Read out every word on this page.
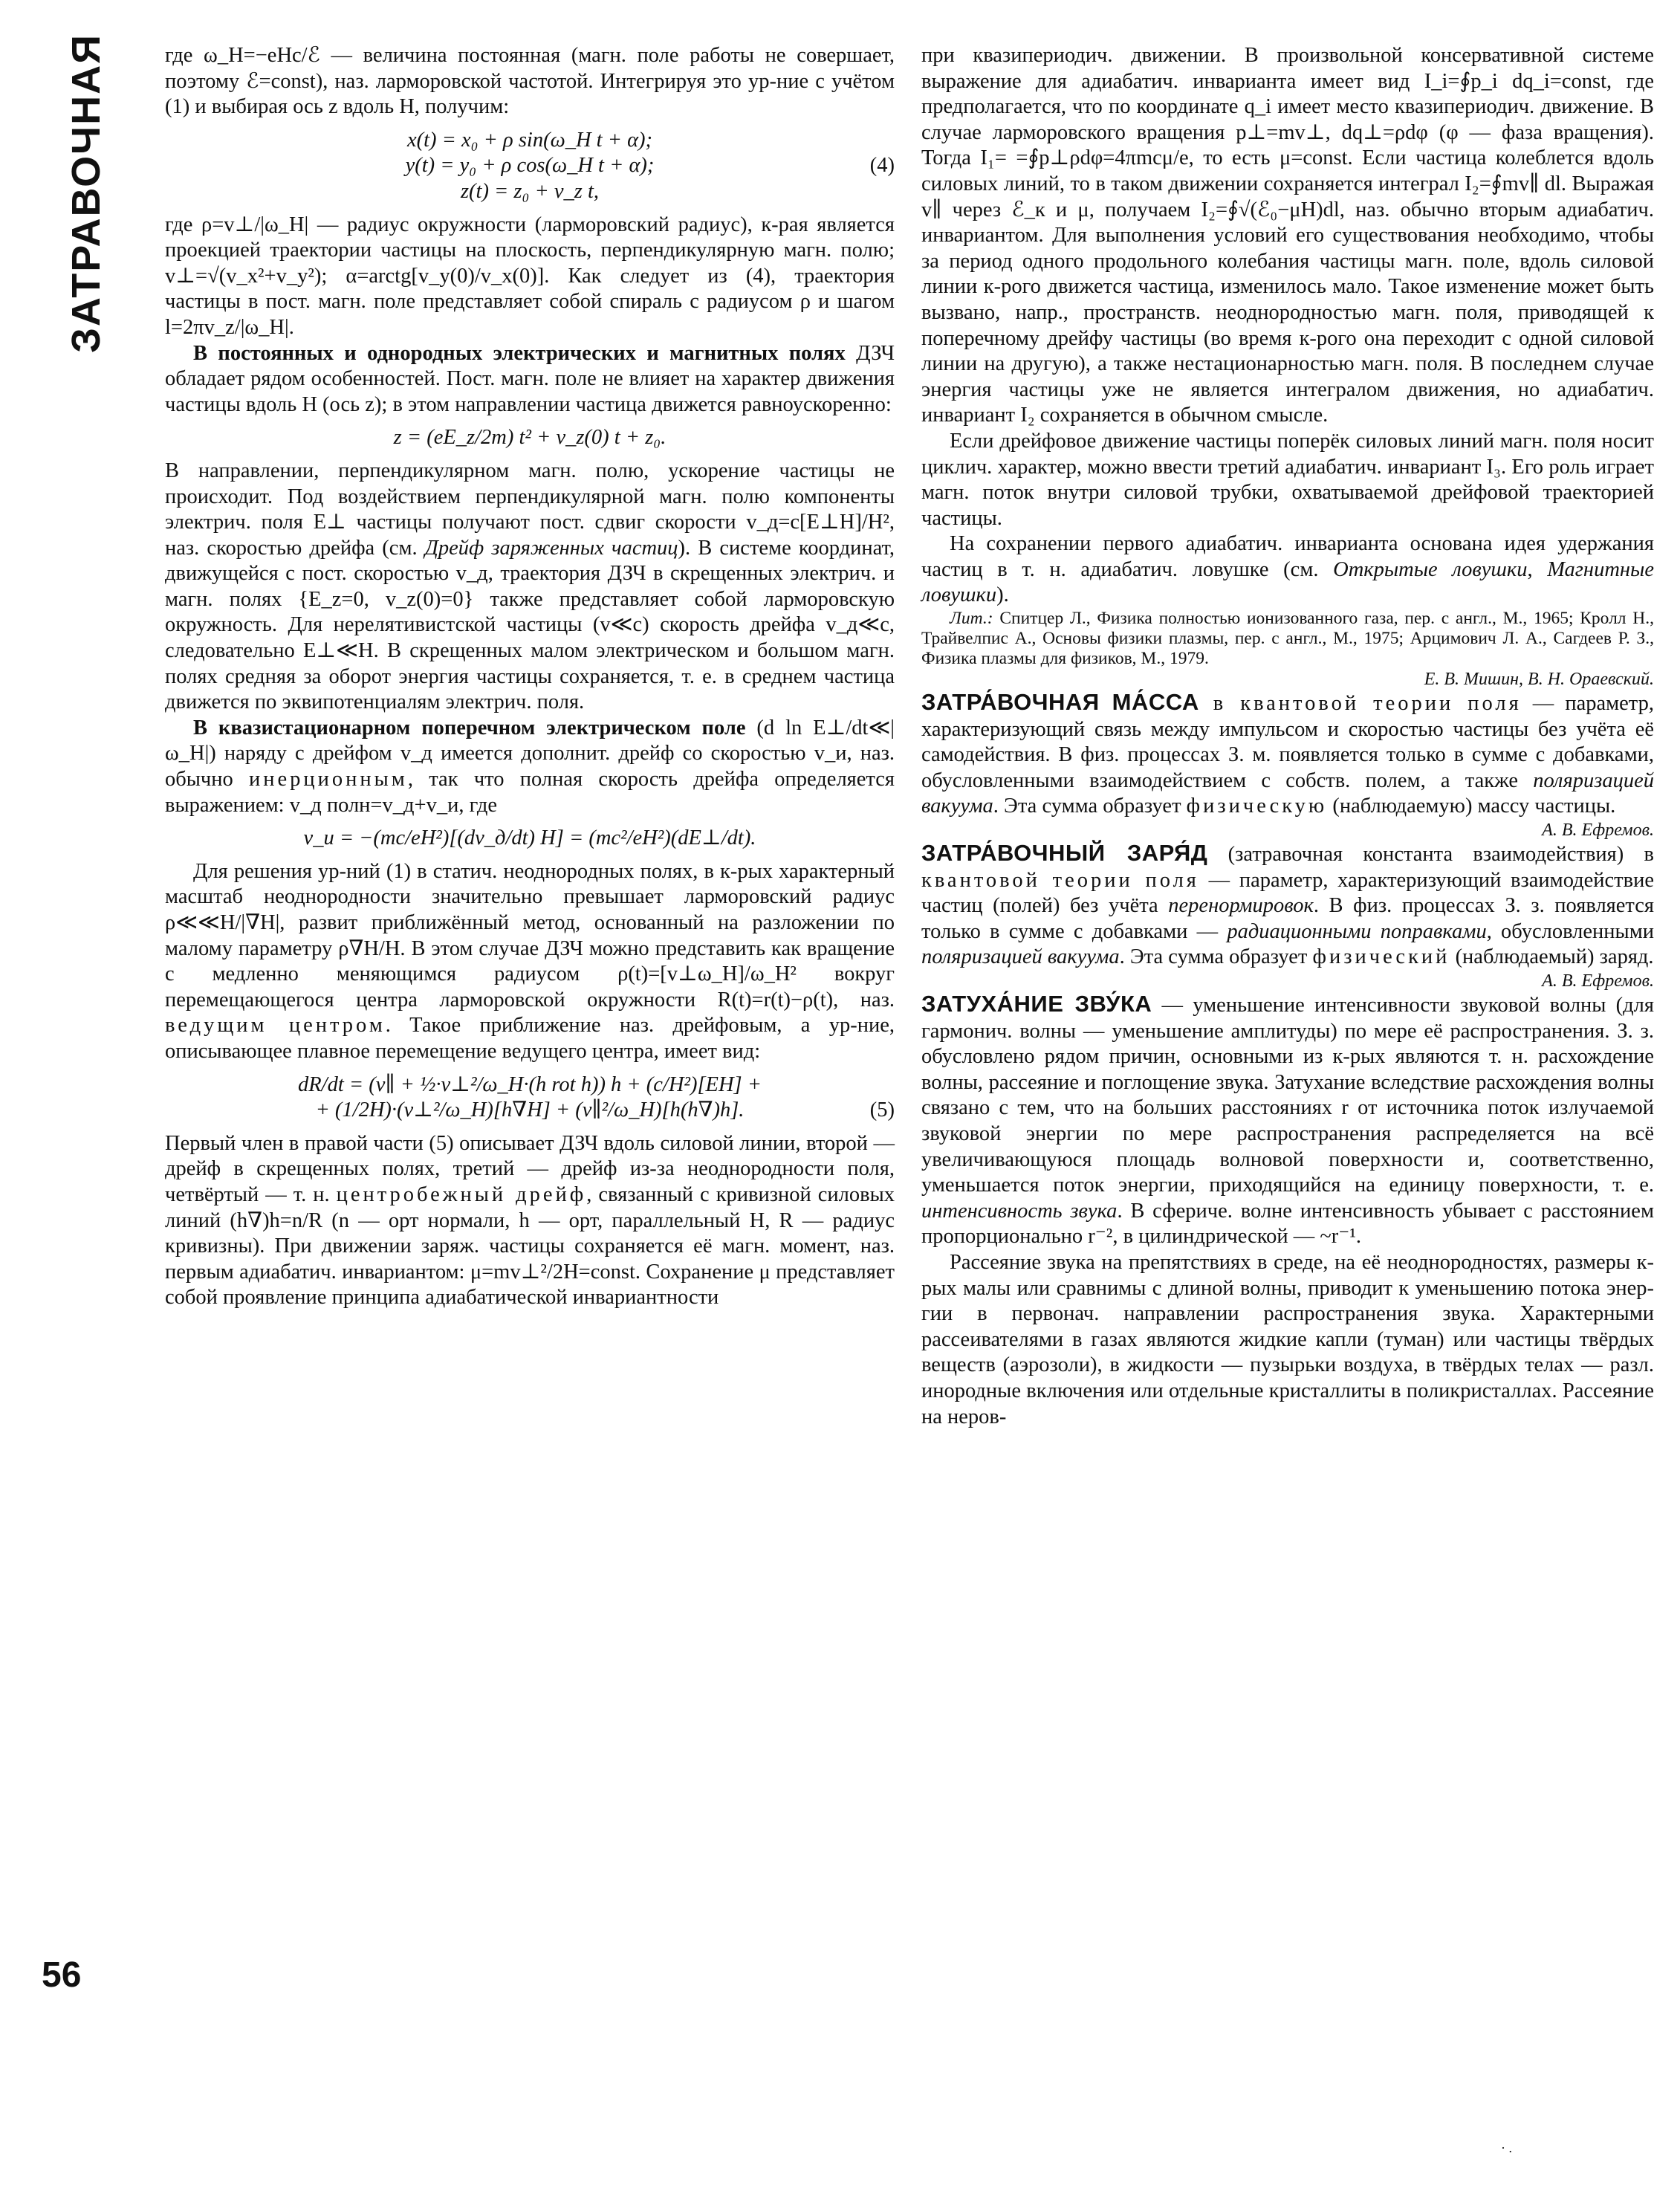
ЗАТРАВОЧНАЯ
56
· .

где ω_H=−eHc/ℰ — величина постоянная (магн. поле работы не совершает, поэтому ℰ=const), наз. ларморовской частотой. Интегрируя это ур-ние с учётом (1) и выбирая ось z вдоль H, получим:

x(t) = x₀ + ρ sin(ω_H t + α);
y(t) = y₀ + ρ cos(ω_H t + α);	(4)
z(t) = z₀ + v_z t,

где ρ=v⊥/|ω_H| — радиус окружности (ларморовский радиус), к-рая является проекцией траектории частицы на плоскость, перпендикулярную магн. полю; v⊥=√(v_x²+v_y²); α=arctg[v_y(0)/v_x(0)]. Как следует из (4), траектория частицы в пост. магн. поле представляет собой спираль с радиусом ρ и шагом l=2πv_z/|ω_H|.

В постоянных и однородных электрических и магнитных полях ДЗЧ обладает рядом особенностей. Пост. магн. поле не влияет на характер движения частицы вдоль H (ось z); в этом направлении частица движется равноускоренно:

z = (eE_z/2m) t² + v_z(0) t + z₀.

В направлении, перпендикулярном магн. полю, ускорение частицы не происходит. Под воздействием перпендикулярной магн. полю компоненты электрич. поля E⊥ частицы получают пост. сдвиг скорости v_д=c[E⊥H]/H², наз. скоростью дрейфа (см. Дрейф заряженных частиц). В системе координат, движущейся с пост. скоростью v_д, траектория ДЗЧ в скрещенных электрич. и магн. полях {E_z=0, v_z(0)=0} также представляет собой ларморовскую окружность. Для нерелятивистской частицы (v≪c) скорость дрейфа v_д≪c, следовательно E⊥≪H. В скрещенных малом электрическом и большом магн. полях средняя за оборот энергия частицы сохраняется, т. е. в среднем частица движется по эквипотенциалям электрич. поля.

В квазистационарном поперечном электрическом поле (d ln E⊥/dt≪|ω_H|) наряду с дрейфом v_д имеется дополнит. дрейф со скоростью v_и, наз. обычно инерционным, так что полная скорость дрейфа определяется выражением: v_д полн=v_д+v_и, где

v_и = −(mc/eH²)[(dv_д/dt) H] = (mc²/eH²)(dE⊥/dt).

Для решения ур-ний (1) в статич. неоднородных полях, в к-рых характерный масштаб неоднородности значительно превышает ларморовский радиус ρ≪≪H/|∇H|, развит приближённый метод, основанный на разложении по малому параметру ρ∇H/H. В этом случае ДЗЧ можно представить как вращение с медленно меняющимся радиусом ρ(t)=[v⊥ω_H]/ω_H² вокруг перемещающегося центра ларморовской окружности R(t)=r(t)−ρ(t), наз. ведущим центром. Такое приближение наз. дрейфовым, а ур-ние, описывающее плавное перемещение ведущего центра, имеет вид:

dR/dt = (v∥ + ½·v⊥²/ω_H·(h rot h)) h + (c/H²)[EH] +
+ (1/2H)·(v⊥²/ω_H)[h∇H] + (v∥²/ω_H)[h(h∇)h].	(5)

Первый член в правой части (5) описывает ДЗЧ вдоль силовой линии, второй — дрейф в скрещенных полях, третий — дрейф из-за неоднородности поля, четвёртый — т. н. центробежный дрейф, связанный с кривизной силовых линий (h∇)h=n/R (n — орт нормали, h — орт, параллельный H, R — радиус кривизны). При движении заряж. частицы сохраняется её магн. момент, наз. первым адиабатич. инвариантом: μ=mv⊥²/2H=const. Сохранение μ представляет собой проявление принципа адиабатической инвариантности

при квазипериодич. движении. В произвольной консервативной системе выражение для адиабатич. инварианта имеет вид I_i=∮p_i dq_i=const, где предполагается, что по координате q_i имеет место квазипериодич. движение. В случае ларморовского вращения p⊥=mv⊥, dq⊥=ρdφ (φ — фаза вращения). Тогда I₁= =∮p⊥ρdφ=4πmcμ/e, то есть μ=const. Если частица колеблется вдоль силовых линий, то в таком движении сохраняется интеграл I₂=∮mv∥ dl. Выражая v∥ через ℰ_к и μ, получаем I₂=∮√(ℰ₀−μH)dl, наз. обычно вторым адиабатич. инвариантом. Для выполнения условий его существования необходимо, чтобы за период одного продольного колебания частицы магн. поле, вдоль силовой линии к-рого движется частица, изменилось мало. Такое изменение может быть вызвано, напр., пространств. неоднородностью магн. поля, приводящей к поперечному дрейфу частицы (во время к-рого она переходит с одной силовой линии на другую), а также нестационарностью магн. поля. В последнем случае энергия частицы уже не является интегралом движения, но адиабатич. инвариант I₂ сохраняется в обычном смысле.

Если дрейфовое движение частицы поперёк силовых линий магн. поля носит циклич. характер, можно ввести третий адиабатич. инвариант I₃. Его роль играет магн. поток внутри силовой трубки, охватываемой дрейфовой траекторией частицы.

На сохранении первого адиабатич. инварианта основана идея удержания частиц в т. н. адиабатич. ловушке (см. Открытые ловушки, Магнитные ловушки).

Лит.: Спитцер Л., Физика полностью ионизованного газа, пер. с англ., М., 1965; Кролл Н., Трайвелпис А., Основы физики плазмы, пер. с англ., М., 1975; Арцимович Л. А., Сагдеев Р. З., Физика плазмы для физиков, М., 1979.

Е. В. Мишин, В. Н. Ораевский.

ЗАТРА́ВОЧНАЯ МА́ССА в квантовой теории поля — параметр, характеризующий связь между импульсом и скоростью частицы без учёта её самодействия. В физ. процессах З. м. появляется только в сумме с добавками, обусловленными взаимодействием с собств. полем, а также поляризацией вакуума. Эта сумма образует физическую (наблюдаемую) массу частицы.

А. В. Ефремов.

ЗАТРА́ВОЧНЫЙ ЗАРЯ́Д (затравочная константа взаимодействия) в квантовой теории поля — параметр, характеризующий взаимодействие частиц (полей) без учёта перенормировок. В физ. процессах З. з. появляется только в сумме с добавками — радиационными поправками, обусловленными поляризацией вакуума. Эта сумма образует физический (наблюдаемый) заряд.

А. В. Ефремов.

ЗАТУХА́НИЕ ЗВУ́КА — уменьшение интенсивности звуковой волны (для гармонич. волны — уменьшение амплитуды) по мере её распространения. З. з. обусловлено рядом причин, основными из к-рых являются т. н. расхождение волны, рассеяние и поглощение звука. Затухание вследствие расхождения волны связано с тем, что на больших расстояниях r от источника поток излучаемой звуковой энергии по мере распространения распределяется на всё увеличивающуюся площадь волновой поверхности и, соответственно, уменьшается поток энергии, приходящийся на единицу поверхности, т. е. интенсивность звука. В сфериче. волне интенсивность убывает с расстоянием пропорционально r⁻², в цилиндрической — ~r⁻¹.

Рассеяние звука на препятствиях в среде, на её неоднородностях, размеры к-рых малы или сравнимы с длиной волны, приводит к уменьшению потока энергии в первонач. направлении распространения звука. Характерными рассеивателями в газах являются жидкие капли (туман) или частицы твёрдых веществ (аэрозоли), в жидкости — пузырьки воздуха, в твёрдых телах — разл. инородные включения или отдельные кристаллиты в поликристаллах. Рассеяние на неров-
